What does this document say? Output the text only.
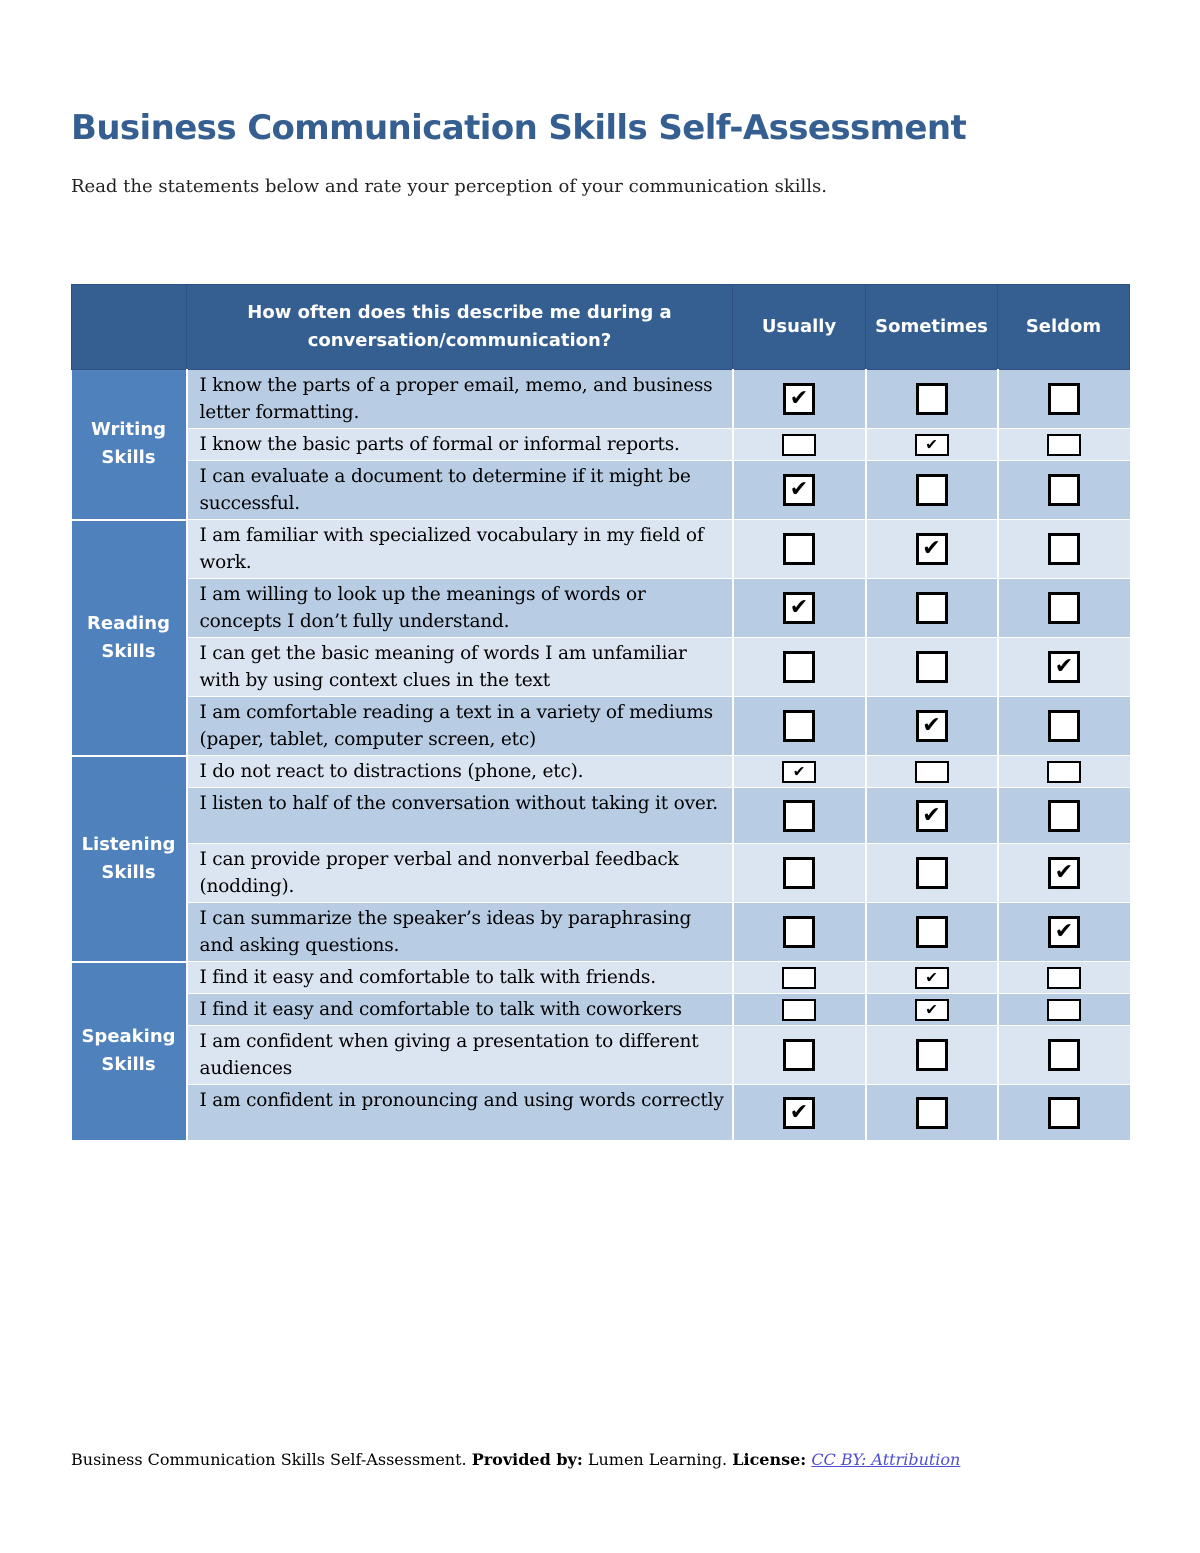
Business Communication Skills Self-Assessment

Read the statements below and rate your perception of your communication skills.

	How often does this describe me during a
conversation/communication?	Usually	Sometimes	Seldom

Writing
Skills	I know the parts of a proper email, memo, and business letter formatting.	✔		
	I know the basic parts of formal or informal reports.		✔	
	I can evaluate a document to determine if it might be successful.	✔		

Reading
Skills	I am familiar with specialized vocabulary in my field of work.		✔	
	I am willing to look up the meanings of words or concepts I don’t fully understand.	✔		
	I can get the basic meaning of words I am unfamiliar with by using context clues in the text			✔
	I am comfortable reading a text in a variety of mediums (paper, tablet, computer screen, etc)		✔	

Listening
Skills	I do not react to distractions (phone, etc).	✔		
	I listen to half of the conversation without taking it over.		✔	
	I can provide proper verbal and nonverbal feedback (nodding).			✔
	I can summarize the speaker’s ideas by paraphrasing and asking questions.			✔

Speaking
Skills	I find it easy and comfortable to talk with friends.		✔	
	I find it easy and comfortable to talk with coworkers		✔	
	I am confident when giving a presentation to different audiences			
	I am confident in pronouncing and using words correctly	✔		

Business Communication Skills Self-Assessment. Provided by: Lumen Learning. License: CC BY: Attribution
